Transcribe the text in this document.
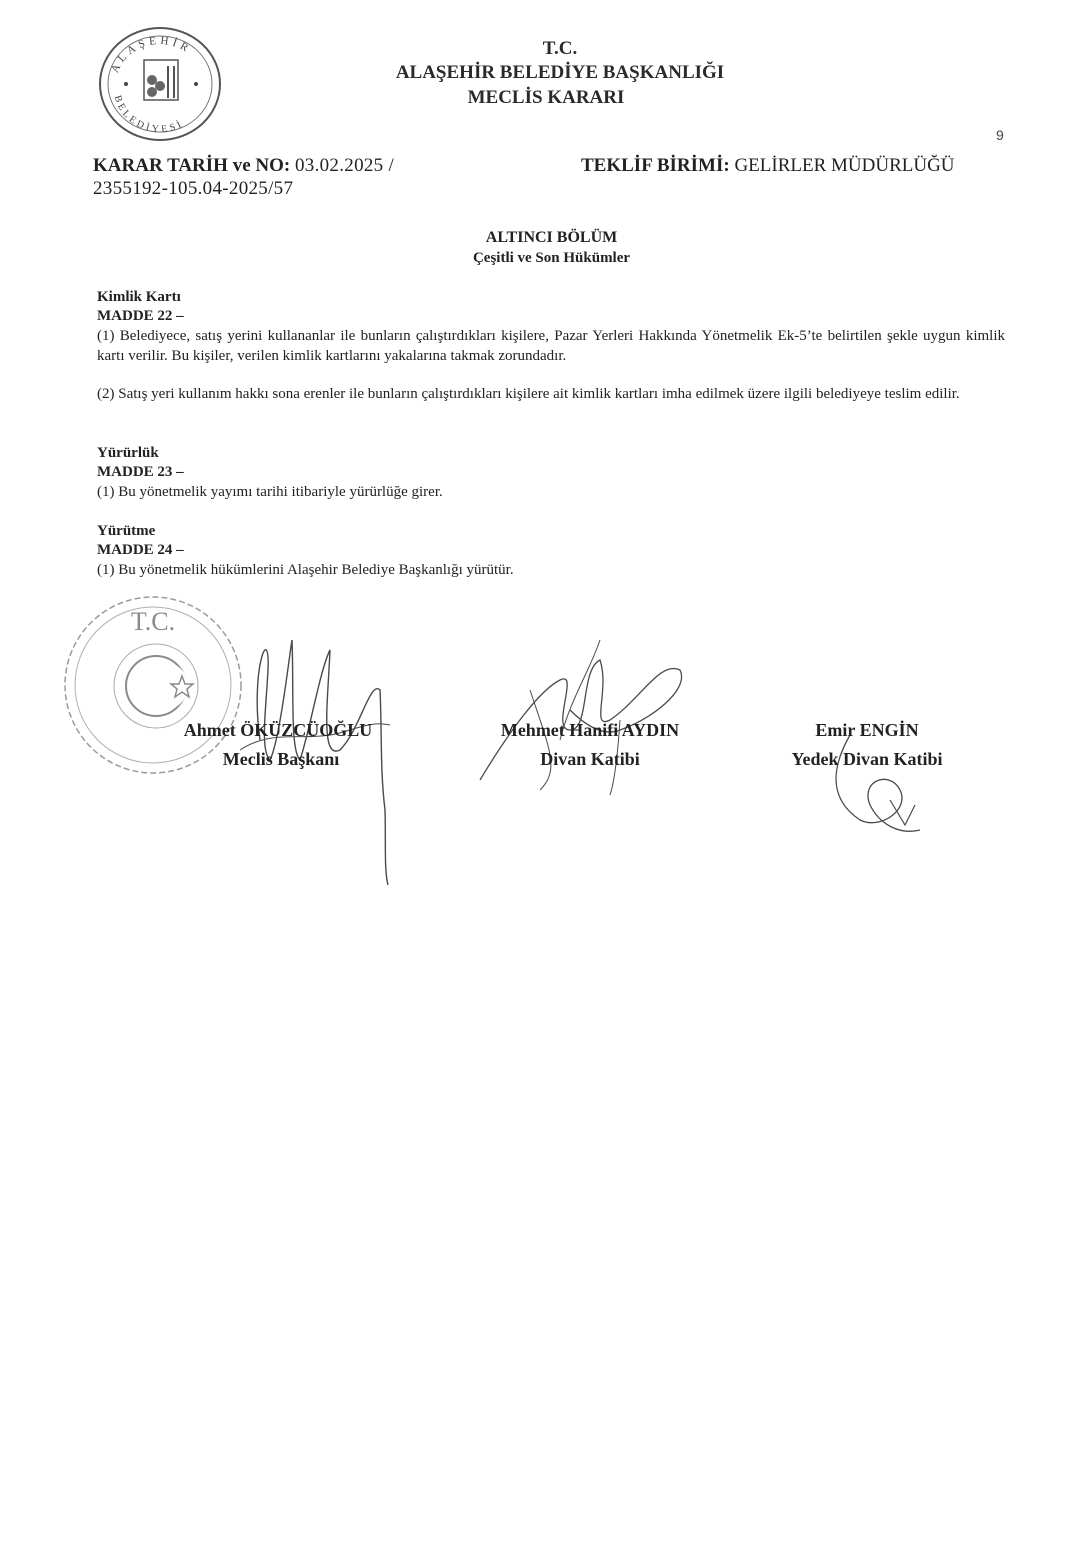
ALAŞEHİR
BELEDİYESİ
T.C.
ALAŞEHİR BELEDİYE BAŞKANLIĞI
MECLİS KARARI
9
KARAR TARİH ve NO: 03.02.2025 /
2355192-105.04-2025/57
TEKLİF BİRİMİ: GELİRLER MÜDÜRLÜĞÜ
ALTINCI BÖLÜM
Çeşitli ve Son Hükümler
Kimlik Kartı
MADDE 22 –
(1) Belediyece, satış yerini kullananlar ile bunların çalıştırdıkları kişilere, Pazar Yerleri Hakkında Yönetmelik Ek-5’te belirtilen şekle uygun kimlik kartı verilir. Bu kişiler, verilen kimlik kartlarını yakalarına takmak zorundadır.
(2) Satış yeri kullanım hakkı sona erenler ile bunların çalıştırdıkları kişilere ait kimlik kartları imha edilmek üzere ilgili belediyeye teslim edilir.
Yürürlük
MADDE 23 –
(1) Bu yönetmelik yayımı tarihi itibariyle yürürlüğe girer.
Yürütme
MADDE 24 –
(1) Bu yönetmelik hükümlerini Alaşehir Belediye Başkanlığı yürütür.
T.C.
Ahmet ÖKÜZCÜOĞLU
Meclis Başkanı
Mehmet Hanifi AYDIN
Divan Katibi
Emir ENGİN
Yedek Divan Katibi
